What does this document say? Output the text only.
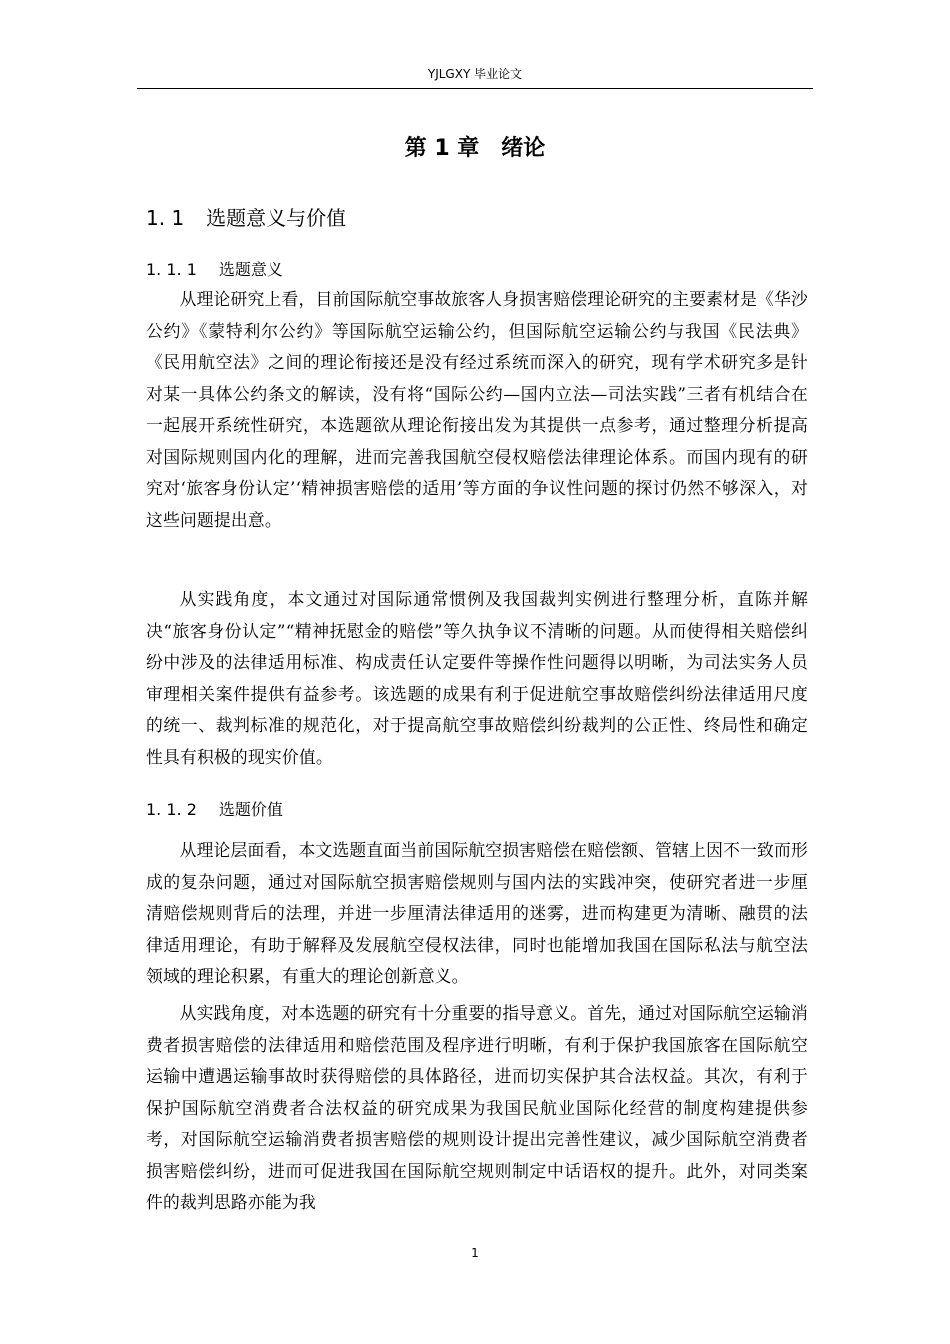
YJLGXY 毕业论文
第 1 章　绪论
1. 1 选题意义与价值
1. 1. 1 选题意义

从理论研究上看，目前国际航空事故旅客人身损害赔偿理论研究的主要素材是《华沙公约》《蒙特利尔公约》等国际航空运输公约，但国际航空运输公约与我国《民法典》《民用航空法》之间的理论衔接还是没有经过系统而深入的研究，现有学术研究多是针对某一具体公约条文的解读，没有将“国际公约—国内立法—司法实践”三者有机结合在一起展开系统性研究，本选题欲从理论衔接出发为其提供一点参考，通过整理分析提高对国际规则国内化的理解，进而完善我国航空侵权赔偿法律理论体系。而国内现有的研究对‘旅客身份认定’‘精神损害赔偿的适用’等方面的争议性问题的探讨仍然不够深入，对这些问题提出意。

从实践角度，本文通过对国际通常惯例及我国裁判实例进行整理分析，直陈并解决“旅客身份认定”“精神抚慰金的赔偿”等久执争议不清晰的问题。从而使得相关赔偿纠纷中涉及的法律适用标准、构成责任认定要件等操作性问题得以明晰，为司法实务人员审理相关案件提供有益参考。该选题的成果有利于促进航空事故赔偿纠纷法律适用尺度的统一、裁判标准的规范化，对于提高航空事故赔偿纠纷裁判的公正性、终局性和确定性具有积极的现实价值。

1. 1. 2 选题价值

从理论层面看，本文选题直面当前国际航空损害赔偿在赔偿额、管辖上因不一致而形成的复杂问题，通过对国际航空损害赔偿规则与国内法的实践冲突，使研究者进一步厘清赔偿规则背后的法理，并进一步厘清法律适用的迷雾，进而构建更为清晰、融贯的法律适用理论，有助于解释及发展航空侵权法律，同时也能增加我国在国际私法与航空法领域的理论积累，有重大的理论创新意义。

从实践角度，对本选题的研究有十分重要的指导意义。首先，通过对国际航空运输消费者损害赔偿的法律适用和赔偿范围及程序进行明晰，有利于保护我国旅客在国际航空运输中遭遇运输事故时获得赔偿的具体路径，进而切实保护其合法权益。其次，有利于保护国际航空消费者合法权益的研究成果为我国民航业国际化经营的制度构建提供参考，对国际航空运输消费者损害赔偿的规则设计提出完善性建议，减少国际航空消费者损害赔偿纠纷，进而可促进我国在国际航空规则制定中话语权的提升。此外，对同类案件的裁判思路亦能为我

1
